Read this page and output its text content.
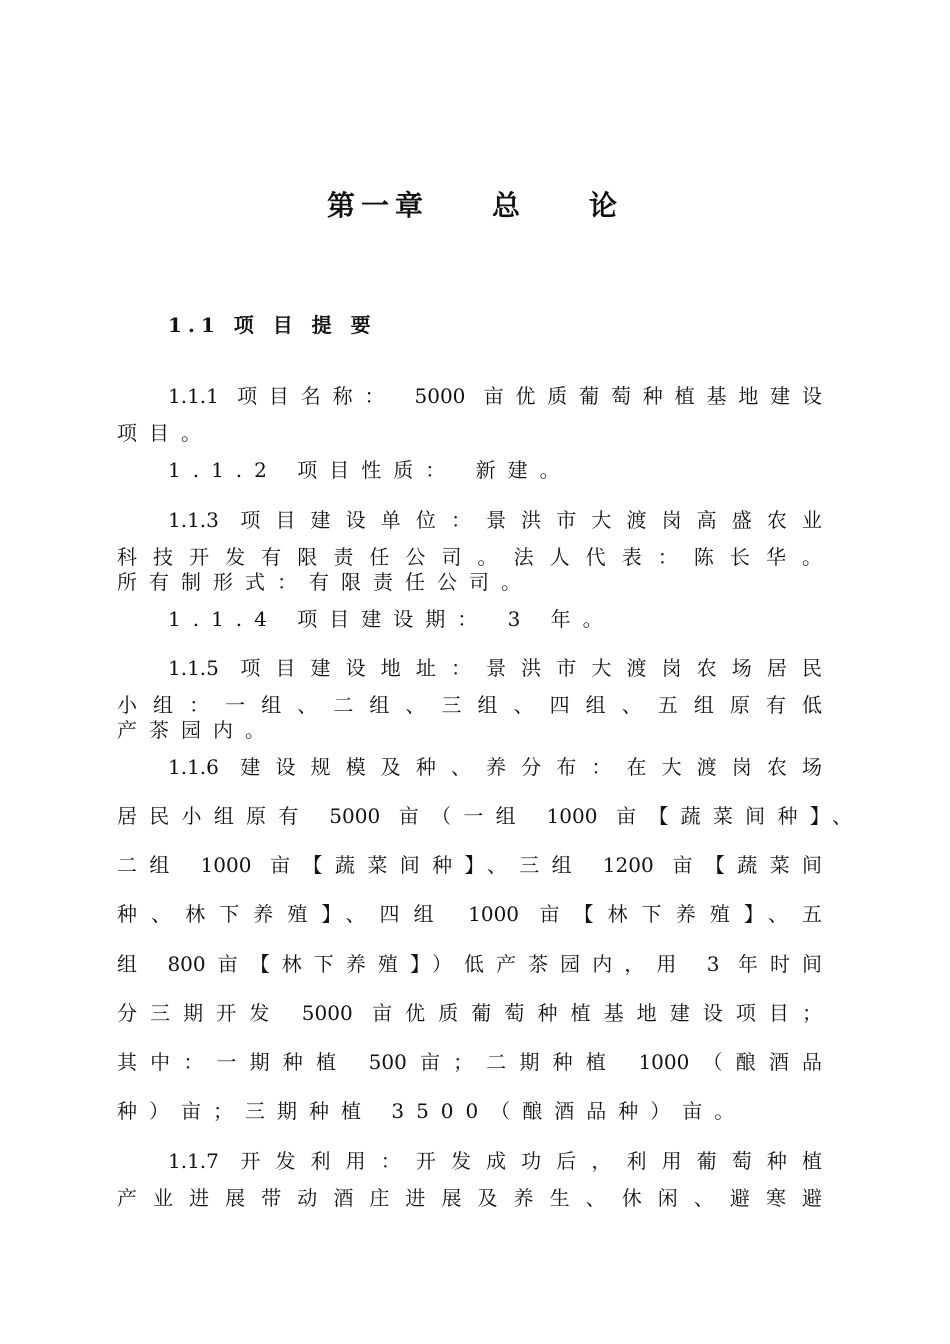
第一章    总    论
1.1 项 目 提 要
1.1.1 项目名称： 5000 亩优质葡萄种植基地建设
项目。
1.1.2 项目性质： 新建。
1.1.3 项目建设单位：景洪市大渡岗高盛农业
科技开发有限责任公司。法人代表：陈长华。
所有制形式：有限责任公司。
1.1.4 项目建设期： 3 年。
1.1.5 项目建设地址：景洪市大渡岗农场居民
小组：一组、二组、三组、四组、五组原有低
产茶园内。
1.1.6 建设规模及种、养分布：在大渡岗农场
居民小组原有 5000 亩（一组 1000 亩【蔬菜间种】、
二组 1000 亩【蔬菜间种】、三组 1200 亩【蔬菜间
种、林下养殖】、四组 1000 亩【林下养殖】、五
组 800亩【林下养殖】）低产茶园内，用 3 年时间
分三期开发 5000 亩优质葡萄种植基地建设项目；
其中：一期种植 500亩；二期种植 1000（酿酒品
种）亩；三期种植 3500（酿酒品种）亩。
1.1.7 开发利用：开发成功后，利用葡萄种植
产业进展带动酒庄进展及养生、休闲、避寒避
